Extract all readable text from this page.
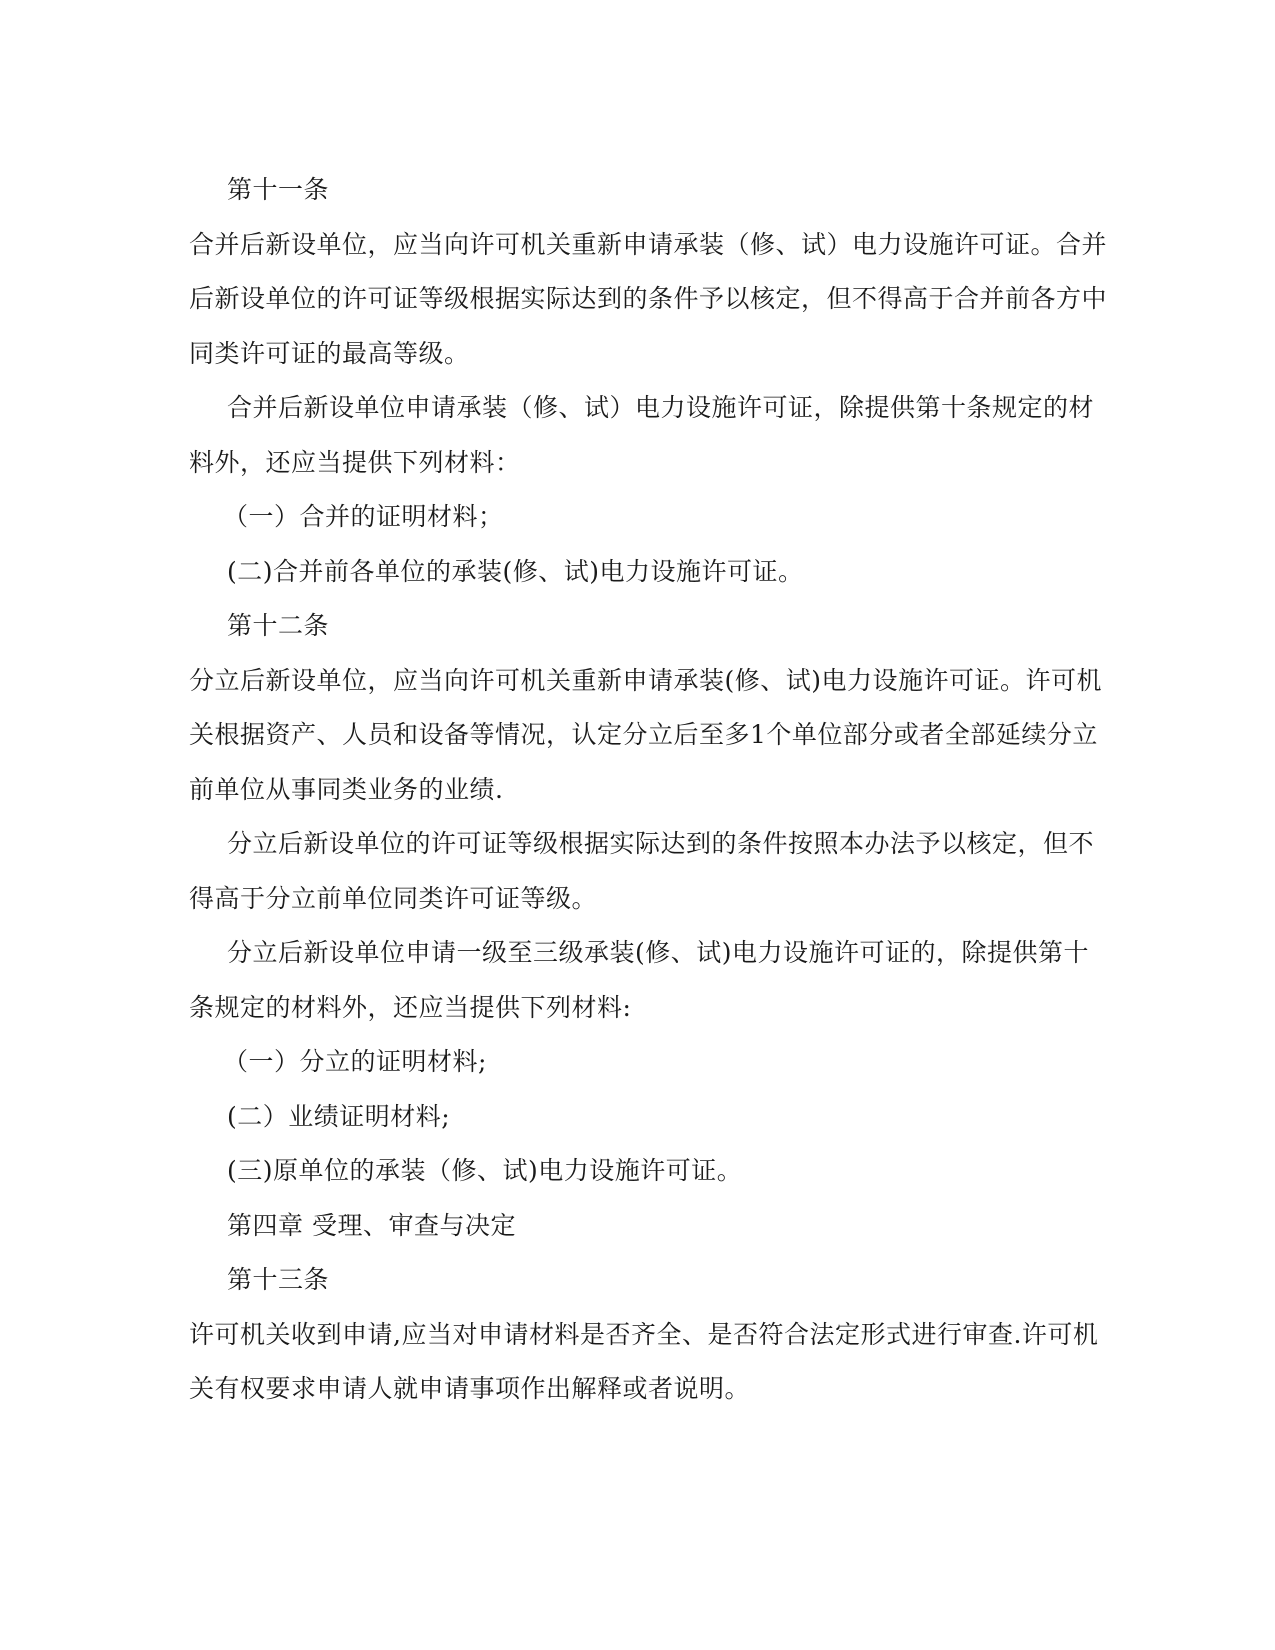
第十一条
合并后新设单位，应当向许可机关重新申请承装（修、试）电力设施许可证。合并
后新设单位的许可证等级根据实际达到的条件予以核定，但不得高于合并前各方中
同类许可证的最高等级。
合并后新设单位申请承装（修、试）电力设施许可证，除提供第十条规定的材
料外，还应当提供下列材料：
（一）合并的证明材料；
(二)合并前各单位的承装(修、试)电力设施许可证。
第十二条
分立后新设单位，应当向许可机关重新申请承装(修、试)电力设施许可证。许可机
关根据资产、人员和设备等情况，认定分立后至多1个单位部分或者全部延续分立
前单位从事同类业务的业绩.
分立后新设单位的许可证等级根据实际达到的条件按照本办法予以核定，但不
得高于分立前单位同类许可证等级。
分立后新设单位申请一级至三级承装(修、试)电力设施许可证的，除提供第十
条规定的材料外，还应当提供下列材料:
（一）分立的证明材料;
(二）业绩证明材料;
(三)原单位的承装（修、试)电力设施许可证。
第四章 受理、审查与决定
第十三条
许可机关收到申请,应当对申请材料是否齐全、是否符合法定形式进行审查.许可机
关有权要求申请人就申请事项作出解释或者说明。
